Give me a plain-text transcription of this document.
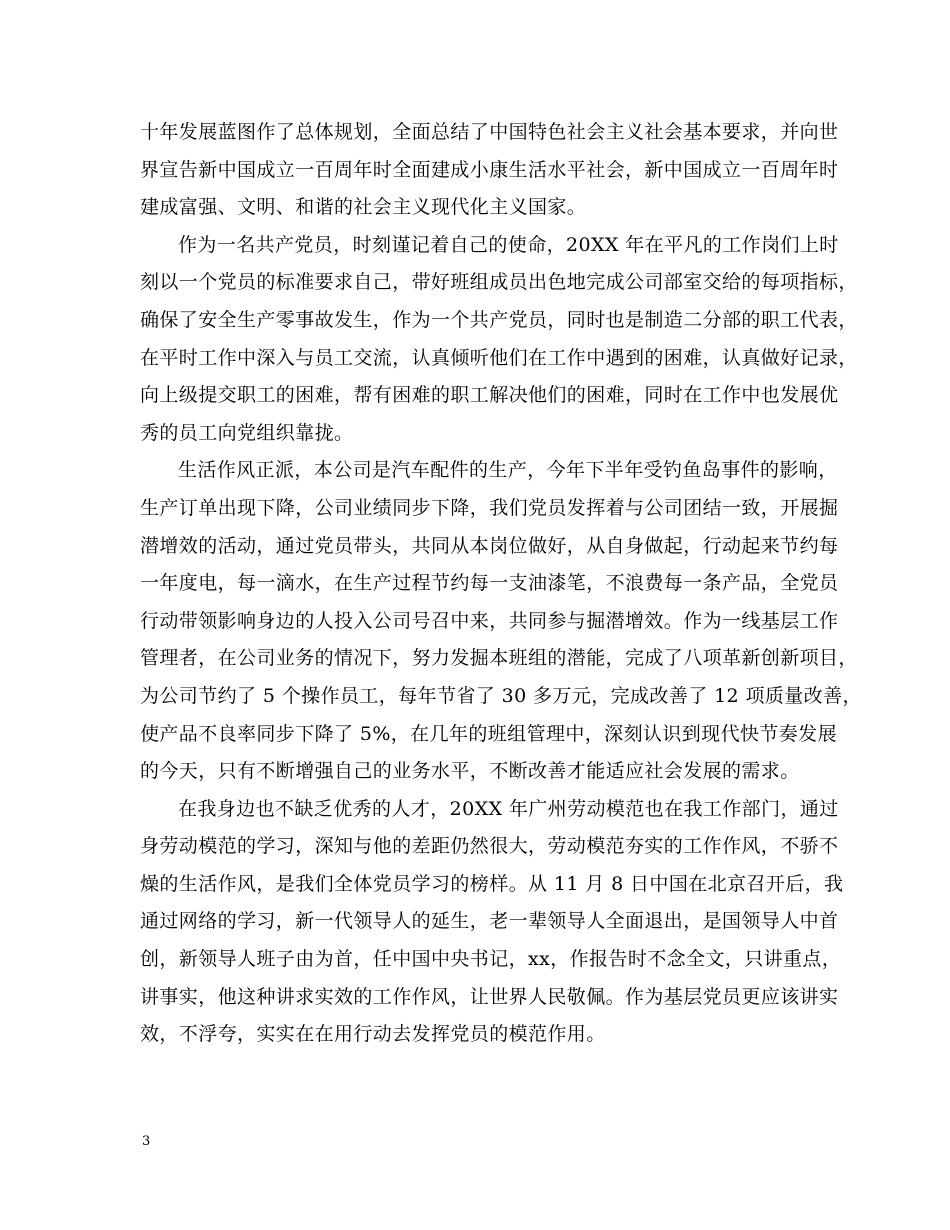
十年发展蓝图作了总体规划，全面总结了中国特色社会主义社会基本要求，并向世
界宣告新中国成立一百周年时全面建成小康生活水平社会，新中国成立一百周年时
建成富强、文明、和谐的社会主义现代化主义国家。
作为一名共产党员，时刻谨记着自己的使命，20XX 年在平凡的工作岗们上时
刻以一个党员的标准要求自己，带好班组成员出色地完成公司部室交给的每项指标，
确保了安全生产零事故发生，作为一个共产党员，同时也是制造二分部的职工代表，
在平时工作中深入与员工交流，认真倾听他们在工作中遇到的困难，认真做好记录，
向上级提交职工的困难，帮有困难的职工解决他们的困难，同时在工作中也发展优
秀的员工向党组织靠拢。
生活作风正派，本公司是汽车配件的生产，今年下半年受钓鱼岛事件的影响，
生产订单出现下降，公司业绩同步下降，我们党员发挥着与公司团结一致，开展掘
潜增效的活动，通过党员带头，共同从本岗位做好，从自身做起，行动起来节约每
一年度电，每一滴水，在生产过程节约每一支油漆笔，不浪费每一条产品，全党员
行动带领影响身边的人投入公司号召中来，共同参与掘潜增效。作为一线基层工作
管理者，在公司业务的情况下，努力发掘本班组的潜能，完成了八项革新创新项目，
为公司节约了 5 个操作员工，每年节省了 30 多万元，完成改善了 12 项质量改善，
使产品不良率同步下降了 5%，在几年的班组管理中，深刻认识到现代快节奏发展
的今天，只有不断增强自己的业务水平，不断改善才能适应社会发展的需求。
在我身边也不缺乏优秀的人才，20XX 年广州劳动模范也在我工作部门，通过
身劳动模范的学习，深知与他的差距仍然很大，劳动模范夯实的工作作风，不骄不
燥的生活作风，是我们全体党员学习的榜样。从 11 月 8 日中国在北京召开后，我
通过网络的学习，新一代领导人的延生，老一辈领导人全面退出，是国领导人中首
创，新领导人班子由为首，任中国中央书记，xx，作报告时不念全文，只讲重点，
讲事实，他这种讲求实效的工作作风，让世界人民敬佩。作为基层党员更应该讲实
效，不浮夸，实实在在用行动去发挥党员的模范作用。
3
